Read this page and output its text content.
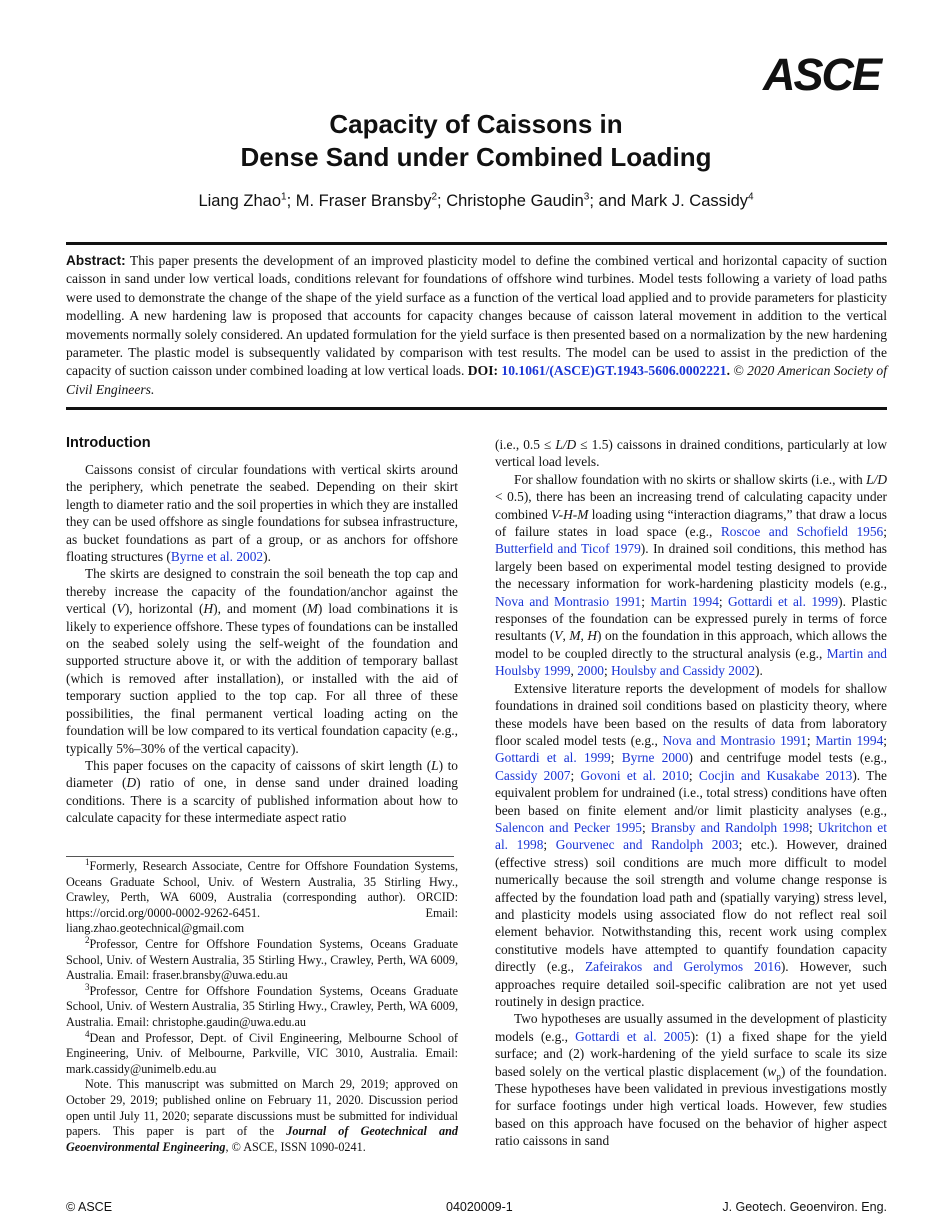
ASCE
Capacity of Caissons in
Dense Sand under Combined Loading
Liang Zhao$^1$; M. Fraser Bransby$^2$; Christophe Gaudin$^3$; and Mark J. Cassidy$^4$
Abstract: This paper presents the development of an improved plasticity model to define the combined vertical and horizontal capacity of suction caisson in sand under low vertical loads, conditions relevant for foundations of offshore wind turbines. Model tests following a variety of load paths were used to demonstrate the change of the shape of the yield surface as a function of the vertical load applied and to provide parameters for plasticity modelling. A new hardening law is proposed that accounts for capacity changes because of caisson lateral movement in addition to the vertical movements normally solely considered. An updated formulation for the yield surface is then presented based on a normalization by the new hardening parameter. The plastic model is subsequently validated by comparison with test results. The model can be used to assist in the prediction of the capacity of suction caisson under combined loading at low vertical loads. DOI: 10.1061/(ASCE)GT.1943-5606.0002221. © 2020 American Society of Civil Engineers.
Introduction

Caissons consist of circular foundations with vertical skirts around the periphery, which penetrate the seabed. Depending on their skirt length to diameter ratio and the soil properties in which they are installed they can be used offshore as single foundations for subsea infrastructure, as bucket foundations as part of a group, or as anchors for offshore floating structures (Byrne et al. 2002).

The skirts are designed to constrain the soil beneath the top cap and thereby increase the capacity of the foundation/anchor against the vertical (V), horizontal (H), and moment (M) load combinations it is likely to experience offshore. These types of foundations can be installed on the seabed solely using the self-weight of the foundation and supported structure above it, or with the addition of temporary ballast (which is removed after installation), or installed with the aid of temporary suction applied to the top cap. For all three of these possibilities, the final permanent vertical loading acting on the foundation will be low compared to its vertical foundation capacity (e.g., typically 5%–30% of the vertical capacity).

This paper focuses on the capacity of caissons of skirt length (L) to diameter (D) ratio of one, in dense sand under drained loading conditions. There is a scarcity of published information about how to calculate capacity for these intermediate aspect ratio

$^1$Formerly, Research Associate, Centre for Offshore Foundation Systems, Oceans Graduate School, Univ. of Western Australia, 35 Stirling Hwy., Crawley, Perth, WA 6009, Australia (corresponding author). ORCID: https://orcid.org/0000-0002-9262-6451. Email: liang.zhao.geotechnical@gmail.com

$^2$Professor, Centre for Offshore Foundation Systems, Oceans Graduate School, Univ. of Western Australia, 35 Stirling Hwy., Crawley, Perth, WA 6009, Australia. Email: fraser.bransby@uwa.edu.au

$^3$Professor, Centre for Offshore Foundation Systems, Oceans Graduate School, Univ. of Western Australia, 35 Stirling Hwy., Crawley, Perth, WA 6009, Australia. Email: christophe.gaudin@uwa.edu.au

$^4$Dean and Professor, Dept. of Civil Engineering, Melbourne School of Engineering, Univ. of Melbourne, Parkville, VIC 3010, Australia. Email: mark.cassidy@unimelb.edu.au

Note. This manuscript was submitted on March 29, 2019; approved on October 29, 2019; published online on February 11, 2020. Discussion period open until July 11, 2020; separate discussions must be submitted for individual papers. This paper is part of the Journal of Geotechnical and Geoenvironmental Engineering, © ASCE, ISSN 1090-0241.

(i.e., 0.5 ≤ L/D ≤ 1.5) caissons in drained conditions, particularly at low vertical load levels.

For shallow foundation with no skirts or shallow skirts (i.e., with L/D < 0.5), there has been an increasing trend of calculating capacity under combined V-H-M loading using “interaction diagrams,” that draw a locus of failure states in load space (e.g., Roscoe and Schofield 1956; Butterfield and Ticof 1979). In drained soil conditions, this method has largely been based on experimental model testing designed to provide the necessary information for work-hardening plasticity models (e.g., Nova and Montrasio 1991; Martin 1994; Gottardi et al. 1999). Plastic responses of the foundation can be expressed purely in terms of force resultants (V, M, H) on the foundation in this approach, which allows the model to be coupled directly to the structural analysis (e.g., Martin and Houlsby 1999, 2000; Houlsby and Cassidy 2002).

Extensive literature reports the development of models for shallow foundations in drained soil conditions based on plasticity theory, where these models have been based on the results of data from laboratory floor scaled model tests (e.g., Nova and Montrasio 1991; Martin 1994; Gottardi et al. 1999; Byrne 2000) and centrifuge model tests (e.g., Cassidy 2007; Govoni et al. 2010; Cocjin and Kusakabe 2013). The equivalent problem for undrained (i.e., total stress) conditions have often been based on finite element and/or limit plasticity analyses (e.g., Salencon and Pecker 1995; Bransby and Randolph 1998; Ukritchon et al. 1998; Gourvenec and Randolph 2003; etc.). However, drained (effective stress) soil conditions are much more difficult to model numerically because the soil strength and volume change response is affected by the foundation load path and (spatially varying) stress level, and plasticity models using associated flow do not reflect real soil element behavior. Notwithstanding this, recent work using complex constitutive models have attempted to quantify foundation capacity directly (e.g., Zafeirakos and Gerolymos 2016). However, such approaches require detailed soil-specific calibration are not yet used routinely in design practice.

Two hypotheses are usually assumed in the development of plasticity models (e.g., Gottardi et al. 2005): (1) a fixed shape for the yield surface; and (2) work-hardening of the yield surface to scale its size based solely on the vertical plastic displacement $(w_p)$ of the foundation. These hypotheses have been validated in previous investigations mostly for surface footings under high vertical loads. However, few studies based on this approach have focused on the behavior of higher aspect ratio caissons in sand

© ASCE	04020009-1	J. Geotech. Geoenviron. Eng.
